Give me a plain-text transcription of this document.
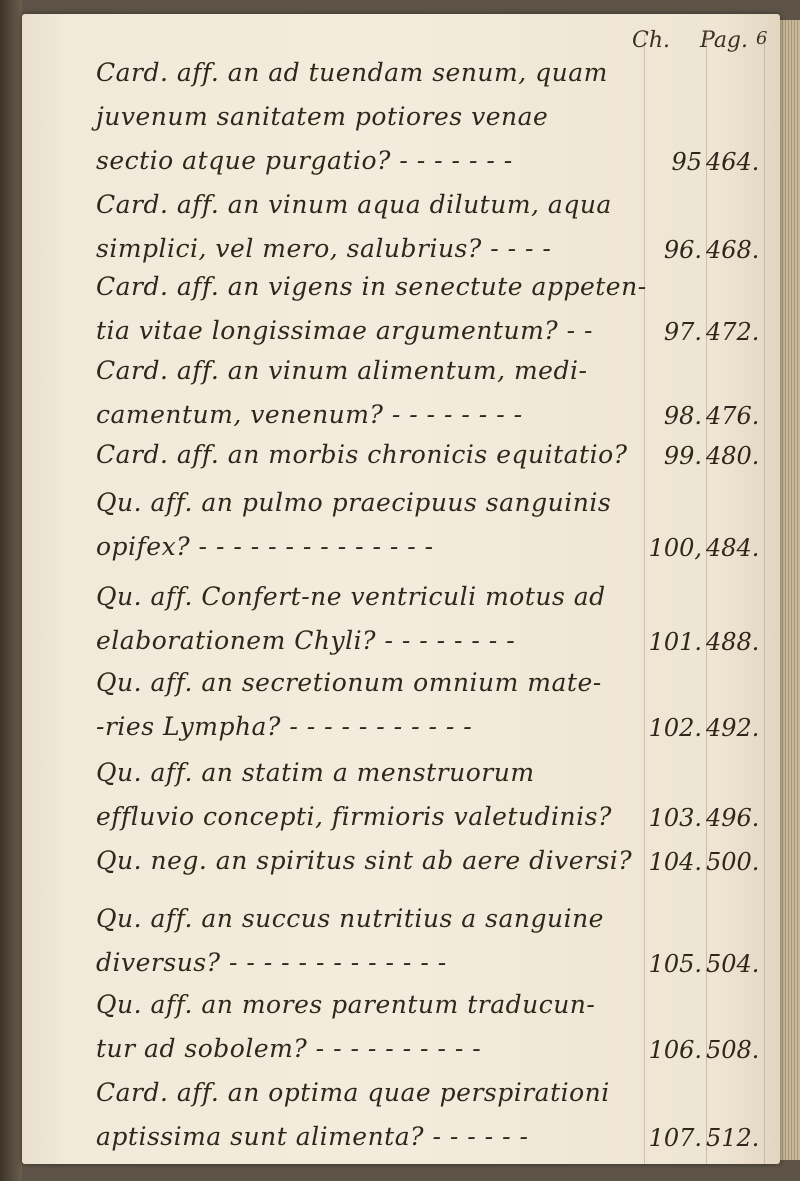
Ch. Pag. 6
Card. aff. an ad tuendam senum, quam
juvenum sanitatem potiores venae
sectio atque purgatio? - - - - - - -	95 464.
Card. aff. an vinum aqua dilutum, aqua
simplici, vel mero, salubrius? - - - -	96. 468.
Card. aff. an vigens in senectute appeten-
tia vitae longissimae argumentum? - -	97. 472.
Card. aff. an vinum alimentum, medi-
camentum, venenum? - - - - - - - -	98. 476.
Card. aff. an morbis chronicis equitatio?	99. 480.
Qu. aff. an pulmo praecipuus sanguinis
opifex? - - - - - - - - - - - - - -	100, 484.
Qu. aff. Confert-ne ventriculi motus ad
elaborationem Chyli? - - - - - - - -	101. 488.
Qu. aff. an secretionum omnium mate-
-ries Lympha? - - - - - - - - - - -	102. 492.
Qu. aff. an statim a menstruorum
effluvio concepti, firmioris valetudinis?	103. 496.
Qu. neg. an spiritus sint ab aere diversi? 104. 500.
Qu. aff. an succus nutritius a sanguine
diversus? - - - - - - - - - - - - -	105. 504.
Qu. aff. an mores parentum traducun-
tur ad sobolem? - - - - - - - - - -	106. 508.
Card. aff. an optima quae perspirationi
aptissima sunt alimenta? - - - - - -	107. 512.
